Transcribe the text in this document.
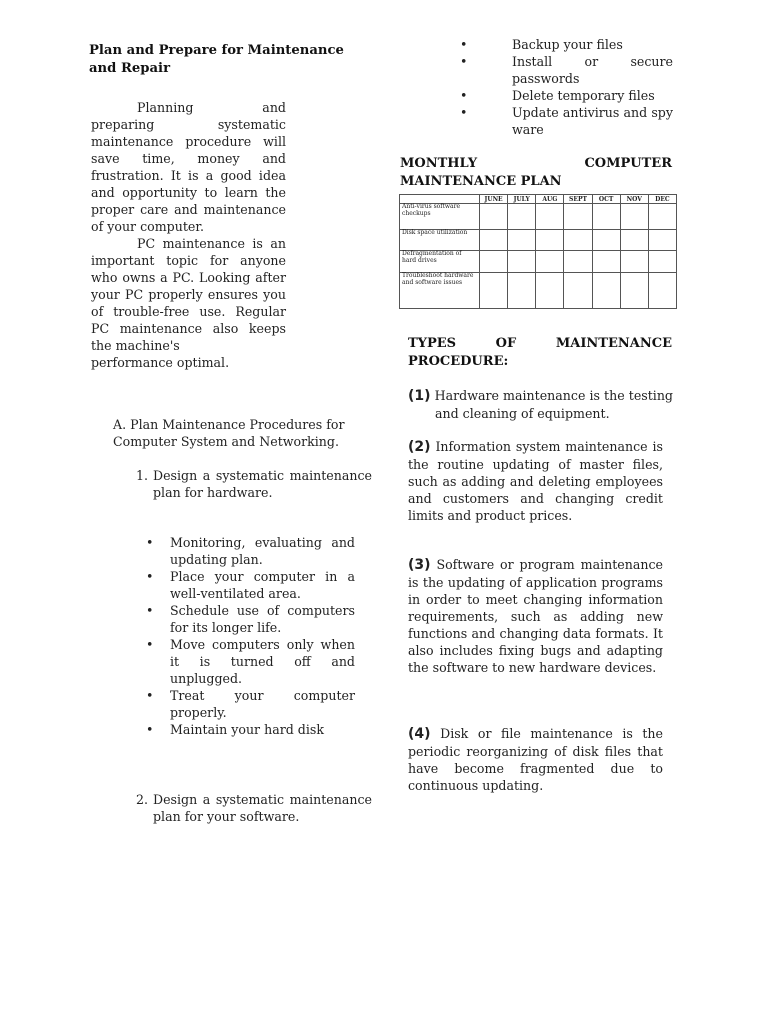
Plan and Prepare for Maintenance and Repair

Planning and preparing systematic maintenance procedure will save time, money and frustration. It is a good idea and opportunity to learn the proper care and maintenance of your computer.

PC maintenance is an important topic for anyone who owns a PC. Looking after your PC properly ensures you of trouble-free use. Regular PC maintenance also keeps the machine's

performance optimal.

A. Plan Maintenance Procedures for Computer System and Networking.
1. Design a systematic maintenance plan for hardware.
• Monitoring, evaluating and updating plan.
• Place your computer in a well-ventilated area.
• Schedule use of computers for its longer life.
• Move computers only when it is turned off and unplugged.
• Treat your computer properly.
• Maintain your hard disk
2. Design a systematic maintenance plan for your software.
•	Backup your files
•	Install or secure passwords
•	Delete temporary files
•	Update antivirus and spy ware
MONTHLY	COMPUTER
MAINTENANCE PLAN
	JUNE	JULY	AUG	SEPT	OCT	NOV	DEC
Anti-virus software checkups							
Disk space utilization							
Defragmentation of hard drives							
Troubleshoot hardware and software issues							
TYPES	OF	MAINTENANCE
PROCEDURE:
(1) Hardware maintenance is the testing and cleaning of equipment.
(2) Information system maintenance is the routine updating of master files, such as adding and deleting employees and customers and changing credit limits and product prices.
(3) Software or program maintenance is the updating of application programs in order to meet changing information requirements, such as adding new functions and changing data formats. It also includes fixing bugs and adapting the software to new hardware devices.
(4) Disk or file maintenance is the periodic reorganizing of disk files that have become fragmented due to continuous updating.
